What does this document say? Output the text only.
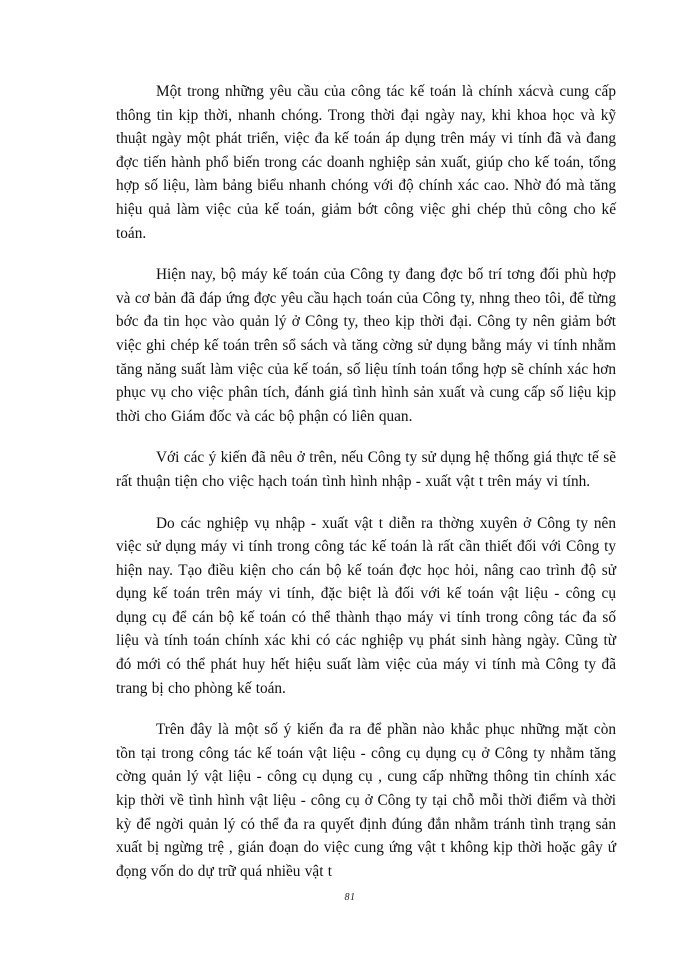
Một trong những yêu cầu của công tác kế toán là chính xácvà cung cấp thông tin kịp thời, nhanh chóng. Trong thời đại ngày nay, khi khoa học và kỹ thuật ngày một phát triển, việc đa kế toán áp dụng trên máy vi tính đã và đang đợc tiến hành phổ biến trong các doanh nghiệp sản xuất, giúp cho kế toán, tổng hợp số liệu, làm bảng biểu nhanh chóng với độ chính xác cao. Nhờ đó mà tăng hiệu quả làm việc của kế toán, giảm bớt công việc ghi chép thủ công cho kế toán.

Hiện nay, bộ máy kế toán của Công ty đang đợc bố trí tơng đối phù hợp và cơ bản đã đáp ứng đợc yêu cầu hạch toán của Công ty, nhng theo tôi, để từng bớc đa tin học vào quản lý ở Công ty, theo kịp thời đại. Công ty nên giảm bớt việc ghi chép kế toán trên sổ sách và tăng cờng sử dụng bằng máy vi tính nhằm tăng năng suất làm việc của kế toán, số liệu tính toán tổng hợp sẽ chính xác hơn phục vụ cho việc phân tích, đánh giá tình hình sản xuất và cung cấp số liệu kịp thời cho Giám đốc và các bộ phận có liên quan.

Với các ý kiến đã nêu ở trên, nếu Công ty sử dụng hệ thống giá thực tế sẽ rất thuận tiện cho việc hạch toán tình hình nhập - xuất vật t trên máy vi tính.

Do các nghiệp vụ nhập - xuất vật t diễn ra thờng xuyên ở Công ty nên việc sử dụng máy vi tính trong công tác kế toán là rất cần thiết đối với Công ty hiện nay. Tạo điều kiện cho cán bộ kế toán đợc học hỏi, nâng cao trình độ sử dụng kế toán trên máy vi tính, đặc biệt là đối với kế toán vật liệu - công cụ dụng cụ để cán bộ kế toán có thể thành thạo máy vi tính trong công tác đa số liệu và tính toán chính xác khi có các nghiệp vụ phát sinh hàng ngày. Cũng từ đó mới có thể phát huy hết hiệu suất làm việc của máy vi tính mà Công ty đã trang bị cho phòng kế toán.

Trên đây là một số ý kiến đa ra để phần nào khắc phục những mặt còn tồn tại trong công tác kế toán vật liệu - công cụ dụng cụ ở Công ty nhằm tăng cờng quản lý vật liệu - công cụ dụng cụ , cung cấp những thông tin chính xác kịp thời về tình hình vật liệu - công cụ ở Công ty tại chỗ mỗi thời điểm và thời kỳ để ngời quản lý có thể đa ra quyết định đúng đắn nhằm tránh tình trạng sản xuất bị ngừng trệ , gián đoạn do việc cung ứng vật t không kịp thời hoặc gây ứ đọng vốn do dự trữ quá nhiều vật t

81
